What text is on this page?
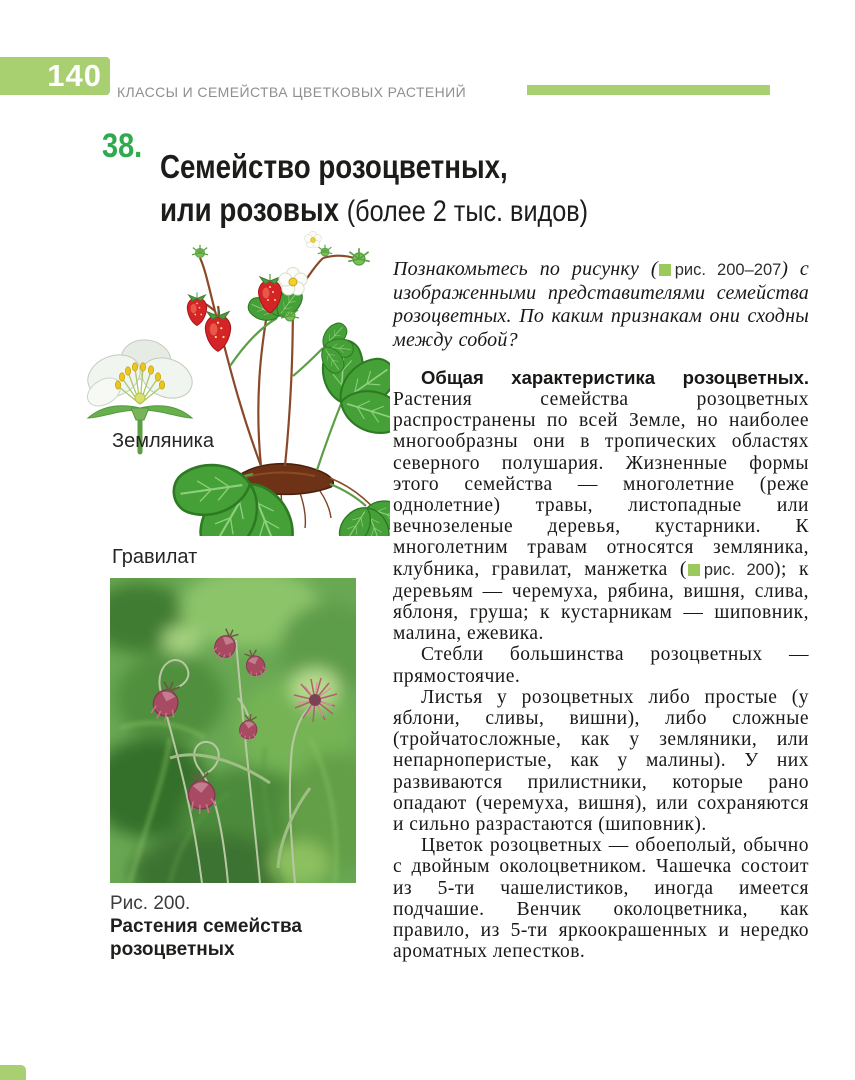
140 КЛАССЫ И СЕМЕЙСТВА ЦВЕТКОВЫХ РАСТЕНИЙ
38.
Семейство розоцветных,
или розовых (более 2 тыс. видов)
Земляника
Гравилат
Рис. 200.
Растения семейства розоцветных

Познакомьтесь по рисунку ( рис. 200–207) с изображенными представителями семейства розоцветных. По каким признакам они сходны между собой?

Общая характеристика розоцветных. Растения семейства розоцветных распространены по всей Земле, но наиболее многообразны они в тропических областях северного полушария. Жизненные формы этого семейства — многолетние (реже однолетние) травы, листопадные или вечнозеленые деревья, кустарники. К многолетним травам относятся земляника, клубника, гравилат, манжетка ( рис. 200); к деревьям — черемуха, рябина, вишня, слива, яблоня, груша; к кустарникам — шиповник, малина, ежевика.

Стебли большинства розоцветных — прямостоячие.

Листья у розоцветных либо простые (у яблони, сливы, вишни), либо сложные (тройчатосложные, как у земляники, или непарноперистые, как у малины). У них развиваются прилистники, которые рано опадают (черемуха, вишня), или сохраняются и сильно разрастаются (шиповник).

Цветок розоцветных — обоеполый, обычно с двойным околоцветником. Чашечка состоит из 5-ти чашелистиков, иногда имеется подчашие. Венчик околоцветника, как правило, из 5-ти яркоокрашенных и нередко ароматных лепестков.
